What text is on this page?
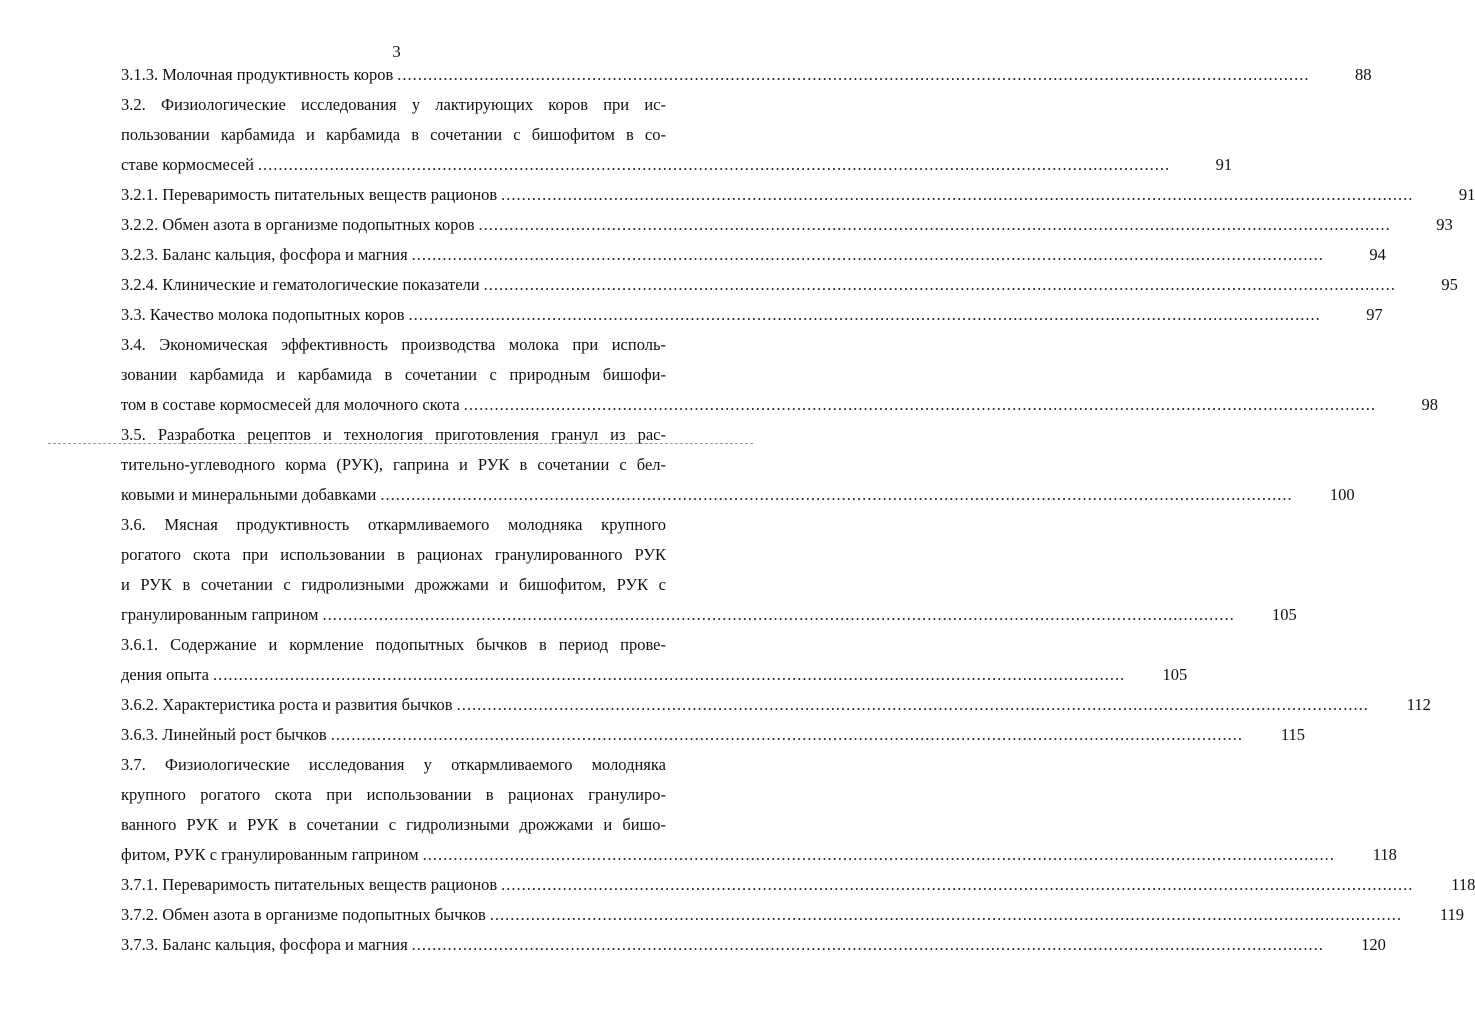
3
3.1.3. Молочная продуктивность коров ..................................................................................................................................................................................	88
3.2. Физиологические исследования у лактирующих коров при ис-
пользовании карбамида и карбамида в сочетании с бишофитом в со-
ставе кормосмесей ..................................................................................................................................................................................	91
3.2.1. Переваримость питательных веществ рационов ..................................................................................................................................................................................	91
3.2.2. Обмен азота в организме подопытных коров ..................................................................................................................................................................................	93
3.2.3. Баланс кальция, фосфора и магния ..................................................................................................................................................................................	94
3.2.4. Клинические и гематологические показатели ..................................................................................................................................................................................	95
3.3. Качество молока подопытных коров ..................................................................................................................................................................................	97
3.4. Экономическая эффективность производства молока при исполь-
зовании карбамида и карбамида в сочетании с природным бишофи-
том в составе кормосмесей для молочного скота ..................................................................................................................................................................................	98
3.5. Разработка рецептов и технология приготовления гранул из рас-
тительно-углеводного корма (РУК), гаприна и РУК в сочетании с бел-
ковыми и минеральными добавками ..................................................................................................................................................................................	100
3.6. Мясная продуктивность откармливаемого молодняка крупного
рогатого скота при использовании в рационах гранулированного РУК
и РУК в сочетании с гидролизными дрожжами и бишофитом, РУК с
гранулированным гаприном ..................................................................................................................................................................................	105
3.6.1. Содержание и кормление подопытных бычков в период прове-
дения опыта ..................................................................................................................................................................................	105
3.6.2. Характеристика роста и развития бычков ..................................................................................................................................................................................	112
3.6.3. Линейный рост бычков ..................................................................................................................................................................................	115
3.7. Физиологические исследования у откармливаемого молодняка
крупного рогатого скота при использовании в рационах гранулиро-
ванного РУК и РУК в сочетании с гидролизными дрожжами и бишо-
фитом, РУК с гранулированным гаприном ..................................................................................................................................................................................	118
3.7.1. Переваримость питательных веществ рационов ..................................................................................................................................................................................	118
3.7.2. Обмен азота в организме подопытных бычков ..................................................................................................................................................................................	119
3.7.3. Баланс кальция, фосфора и магния ..................................................................................................................................................................................	120
